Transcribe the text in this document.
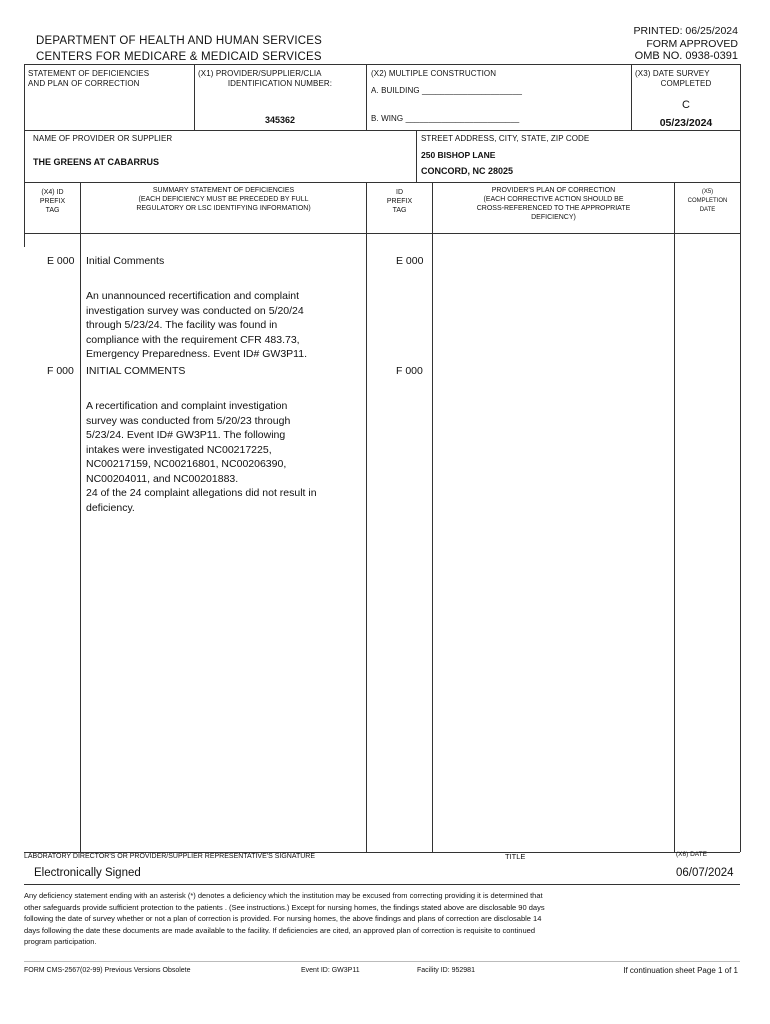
DEPARTMENT OF HEALTH AND HUMAN SERVICES
CENTERS FOR MEDICARE & MEDICAID SERVICES
PRINTED: 06/25/2024
FORM APPROVED
OMB NO. 0938-0391
STATEMENT OF DEFICIENCIES
AND PLAN OF CORRECTION
(X1) PROVIDER/SUPPLIER/CLIA
IDENTIFICATION NUMBER:
345362
(X2) MULTIPLE CONSTRUCTION
A. BUILDING ______________________
B. WING _________________________
(X3) DATE SURVEY
COMPLETED
C
05/23/2024
NAME OF PROVIDER OR SUPPLIER
THE GREENS AT CABARRUS
STREET ADDRESS, CITY, STATE, ZIP CODE
250 BISHOP LANE
CONCORD, NC 28025
(X4) ID
PREFIX
TAG
SUMMARY STATEMENT OF DEFICIENCIES
(EACH DEFICIENCY MUST BE PRECEDED BY FULL
REGULATORY OR LSC IDENTIFYING INFORMATION)
ID
PREFIX
TAG
PROVIDER'S PLAN OF CORRECTION
(EACH CORRECTIVE ACTION SHOULD BE
CROSS-REFERENCED TO THE APPROPRIATE
DEFICIENCY)
(X5)
COMPLETION
DATE
E 000 Initial Comments	E 000
An unannounced recertification and complaint
investigation survey was conducted on 5/20/24
through 5/23/24. The facility was found in
compliance with the requirement CFR 483.73,
Emergency Preparedness. Event ID# GW3P11.
F 000 INITIAL COMMENTS	F 000
A recertification and complaint investigation
survey was conducted from 5/20/23 through
5/23/24. Event ID# GW3P11. The following
intakes were investigated NC00217225,
NC00217159, NC00216801, NC00206390,
NC00204011, and NC00201883.
24 of the 24 complaint allegations did not result in
deficiency.
LABORATORY DIRECTOR'S OR PROVIDER/SUPPLIER REPRESENTATIVE'S SIGNATURE	TITLE	(X6) DATE
Electronically Signed	06/07/2024
Any deficiency statement ending with an asterisk (*) denotes a deficiency which the institution may be excused from correcting providing it is determined that
other safeguards provide sufficient protection to the patients . (See instructions.) Except for nursing homes, the findings stated above are disclosable 90 days
following the date of survey whether or not a plan of correction is provided. For nursing homes, the above findings and plans of correction are disclosable 14
days following the date these documents are made available to the facility. If deficiencies are cited, an approved plan of correction is requisite to continued
program participation.
FORM CMS-2567(02-99) Previous Versions Obsolete	Event ID: GW3P11	Facility ID: 952981	If continuation sheet Page 1 of 1
